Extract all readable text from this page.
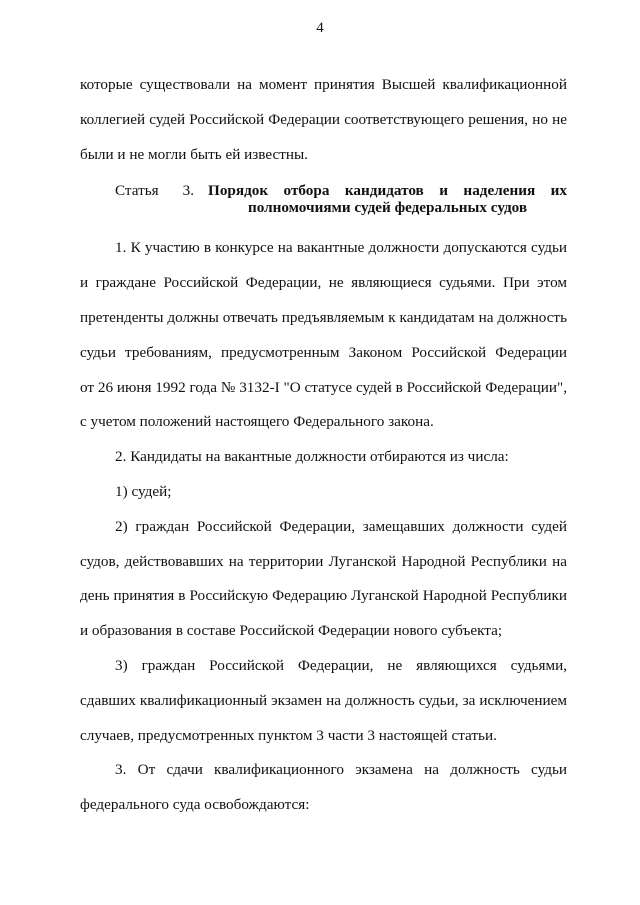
4

которые существовали на момент принятия Высшей квалификационной

коллегией судей Российской Федерации соответствующего решения, но не

были и не могли быть ей известны.

Статья 3. Порядок отбора кандидатов и наделения их
полномочиями судей федеральных судов

1. К участию в конкурсе на вакантные должности допускаются судьи

и граждане Российской Федерации, не являющиеся судьями. При этом

претенденты должны отвечать предъявляемым к кандидатам на должность

судьи требованиям, предусмотренным Законом Российской Федерации

от 26 июня 1992 года № 3132-I "О статусе судей в Российской Федерации",

с учетом положений настоящего Федерального закона.

2. Кандидаты на вакантные должности отбираются из числа:

1) судей;

2) граждан Российской Федерации, замещавших должности судей

судов, действовавших на территории Луганской Народной Республики на

день принятия в Российскую Федерацию Луганской Народной Республики

и образования в составе Российской Федерации нового субъекта;

3) граждан Российской Федерации, не являющихся судьями,

сдавших квалификационный экзамен на должность судьи, за исключением

случаев, предусмотренных пунктом 3 части 3 настоящей статьи.

3. От сдачи квалификационного экзамена на должность судьи

федерального суда освобождаются:
